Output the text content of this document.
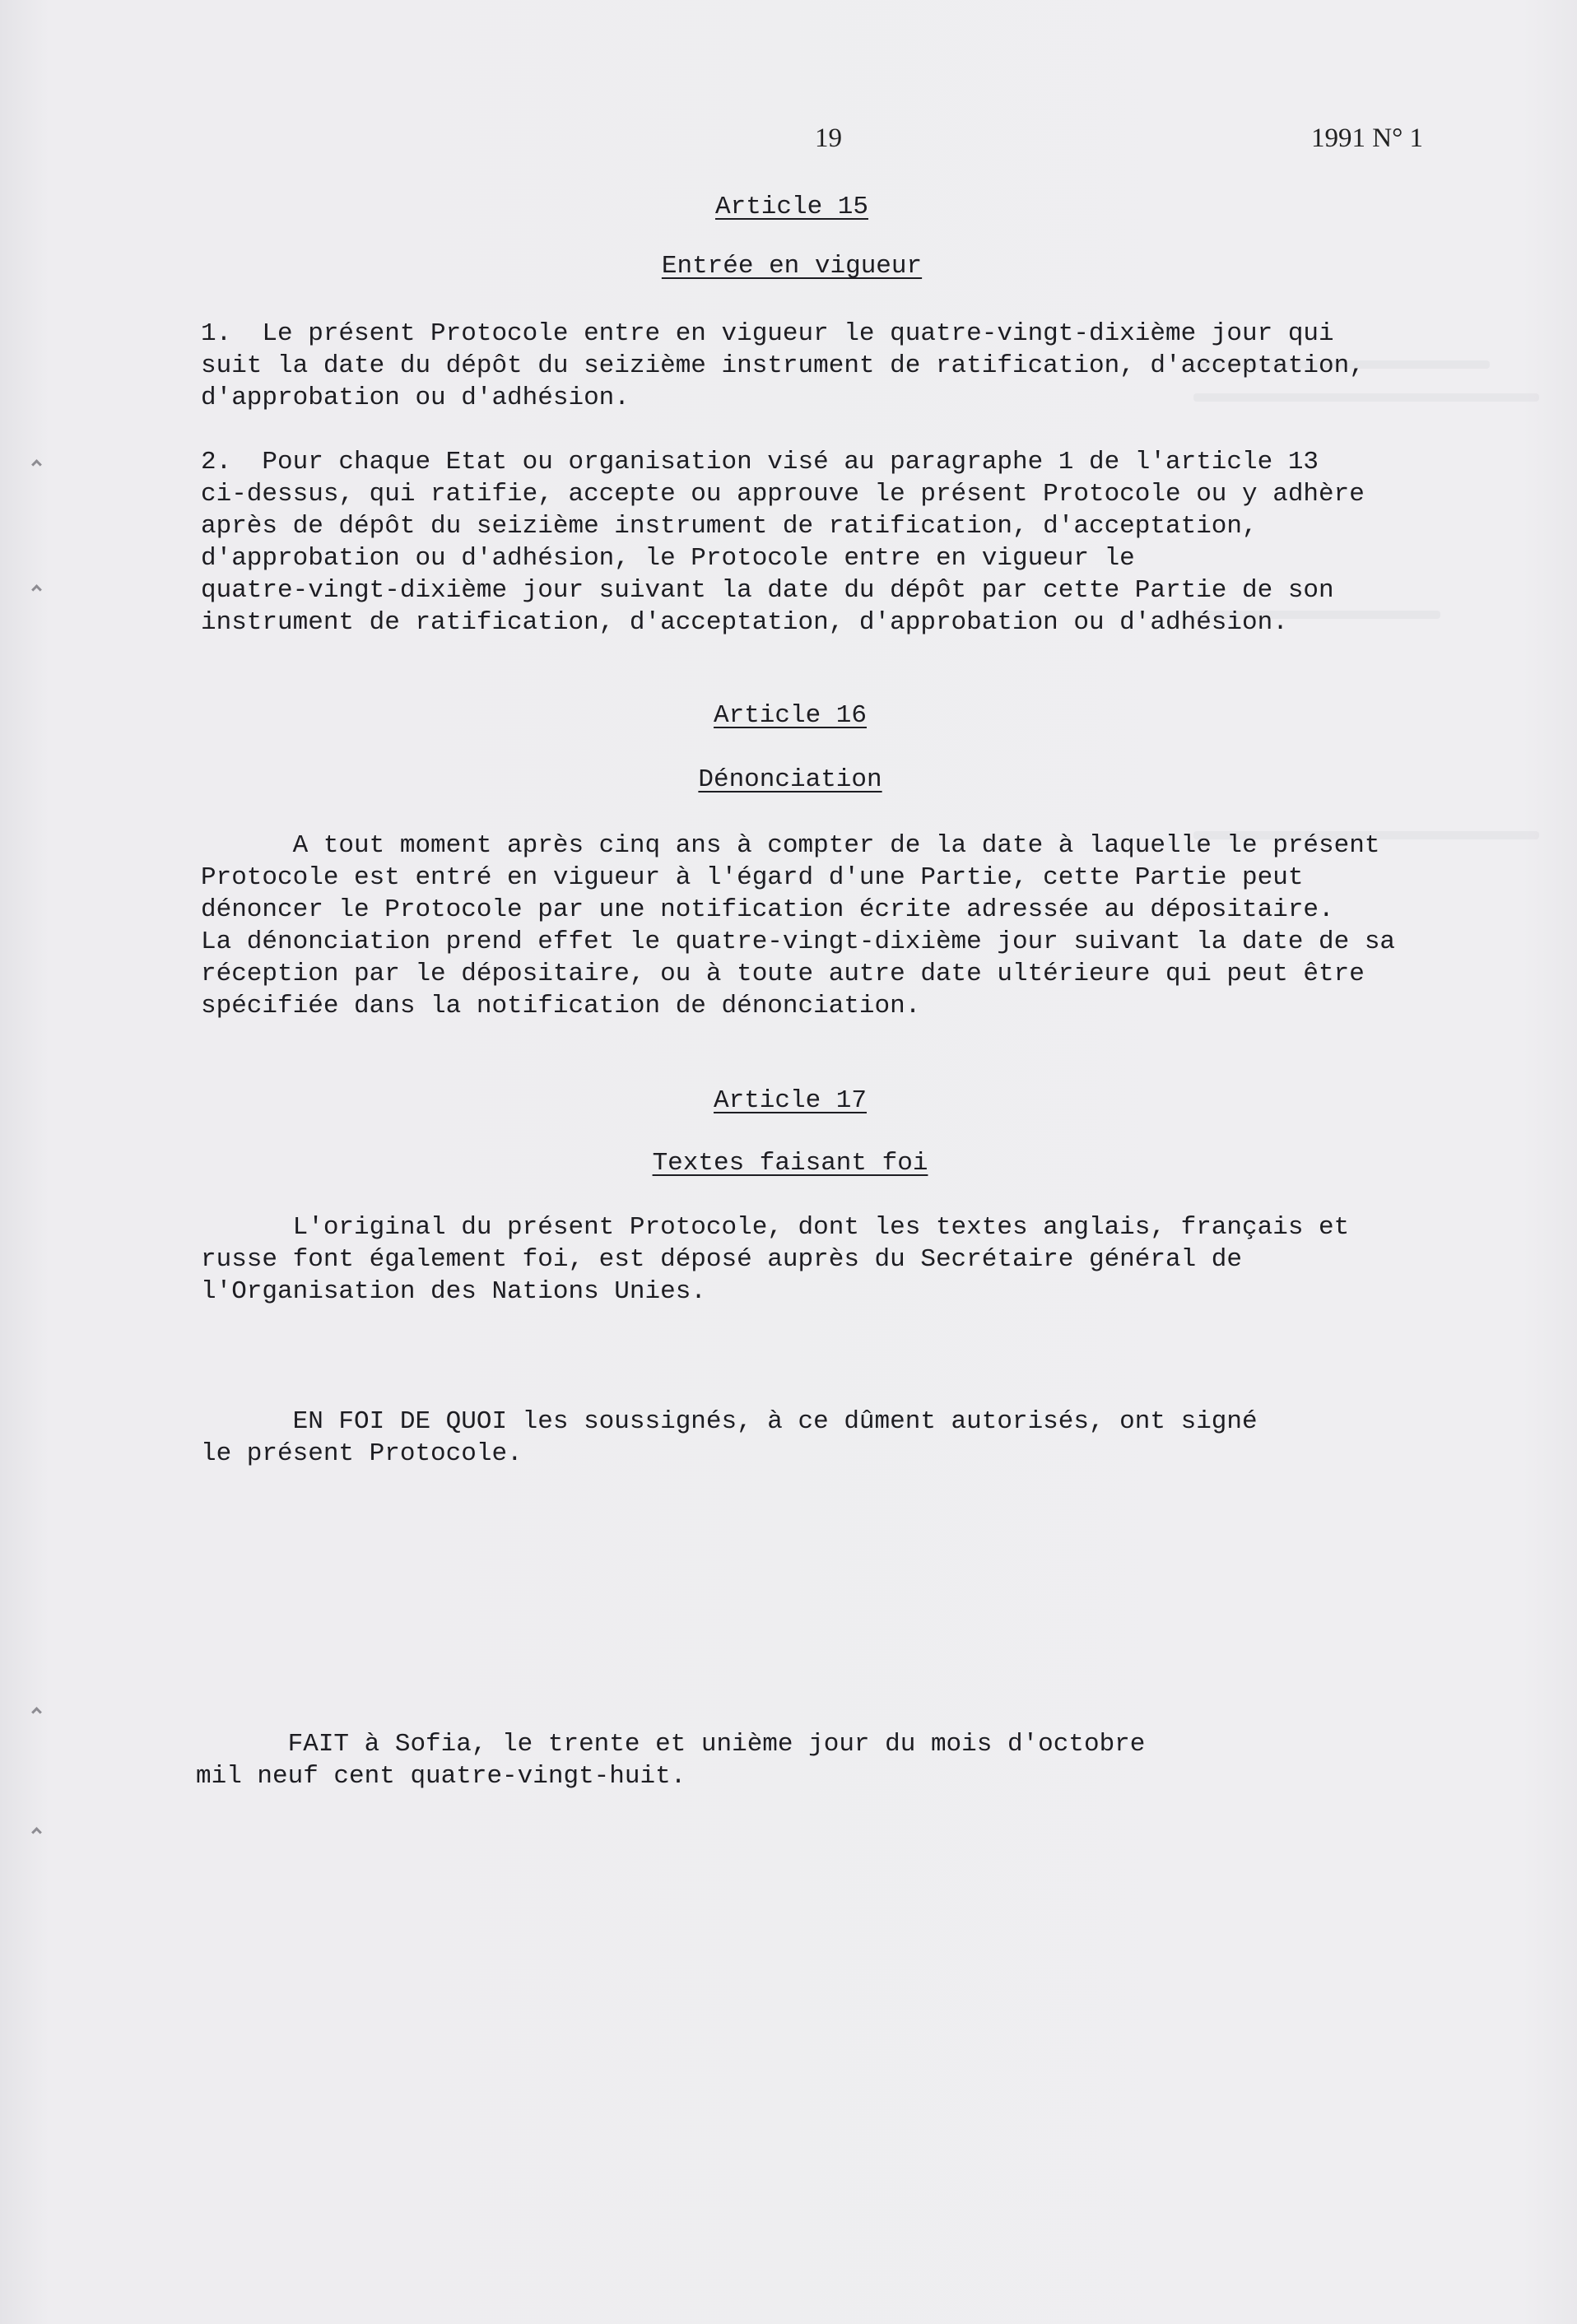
19	1991 N° 1
Article 15
Entrée en vigueur
1.  Le présent Protocole entre en vigueur le quatre-vingt-dixième jour qui
suit la date du dépôt du seizième instrument de ratification, d'acceptation,
d'approbation ou d'adhésion.
2.  Pour chaque Etat ou organisation visé au paragraphe 1 de l'article 13
ci-dessus, qui ratifie, accepte ou approuve le présent Protocole ou y adhère
après de dépôt du seizième instrument de ratification, d'acceptation,
d'approbation ou d'adhésion, le Protocole entre en vigueur le
quatre-vingt-dixième jour suivant la date du dépôt par cette Partie de son
instrument de ratification, d'acceptation, d'approbation ou d'adhésion.
Article 16
Dénonciation
A tout moment après cinq ans à compter de la date à laquelle le présent
Protocole est entré en vigueur à l'égard d'une Partie, cette Partie peut
dénoncer le Protocole par une notification écrite adressée au dépositaire.
La dénonciation prend effet le quatre-vingt-dixième jour suivant la date de sa
réception par le dépositaire, ou à toute autre date ultérieure qui peut être
spécifiée dans la notification de dénonciation.
Article 17
Textes faisant foi
L'original du présent Protocole, dont les textes anglais, français et
russe font également foi, est déposé auprès du Secrétaire général de
l'Organisation des Nations Unies.
EN FOI DE QUOI les soussignés, à ce dûment autorisés, ont signé
le présent Protocole.
FAIT à Sofia, le trente et unième jour du mois d'octobre
mil neuf cent quatre-vingt-huit.
